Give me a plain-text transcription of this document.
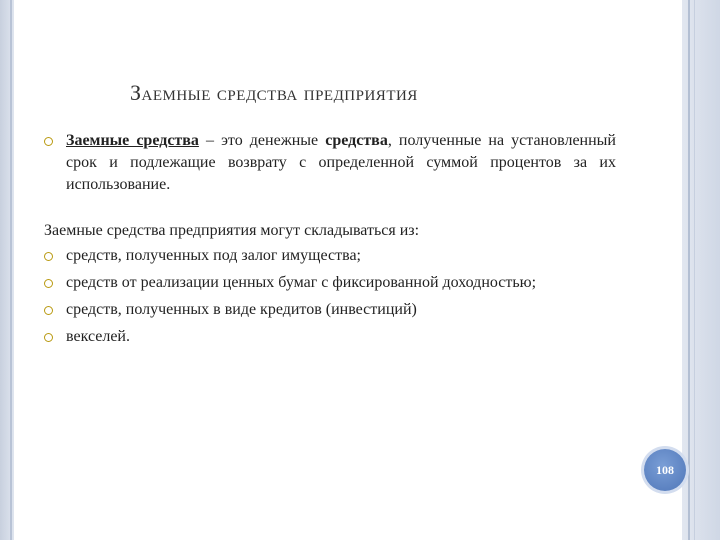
Заемные средства предприятия

Заемные средства – это денежные средства, полученные на установленный срок и подлежащие возврату с определенной суммой процентов за их использование.

Заемные средства предприятия могут складываться из:

средств, полученных под залог имущества;
средств от реализации ценных бумаг с фиксированной доходностью;
средств, полученных в виде кредитов (инвестиций)
векселей.
108
